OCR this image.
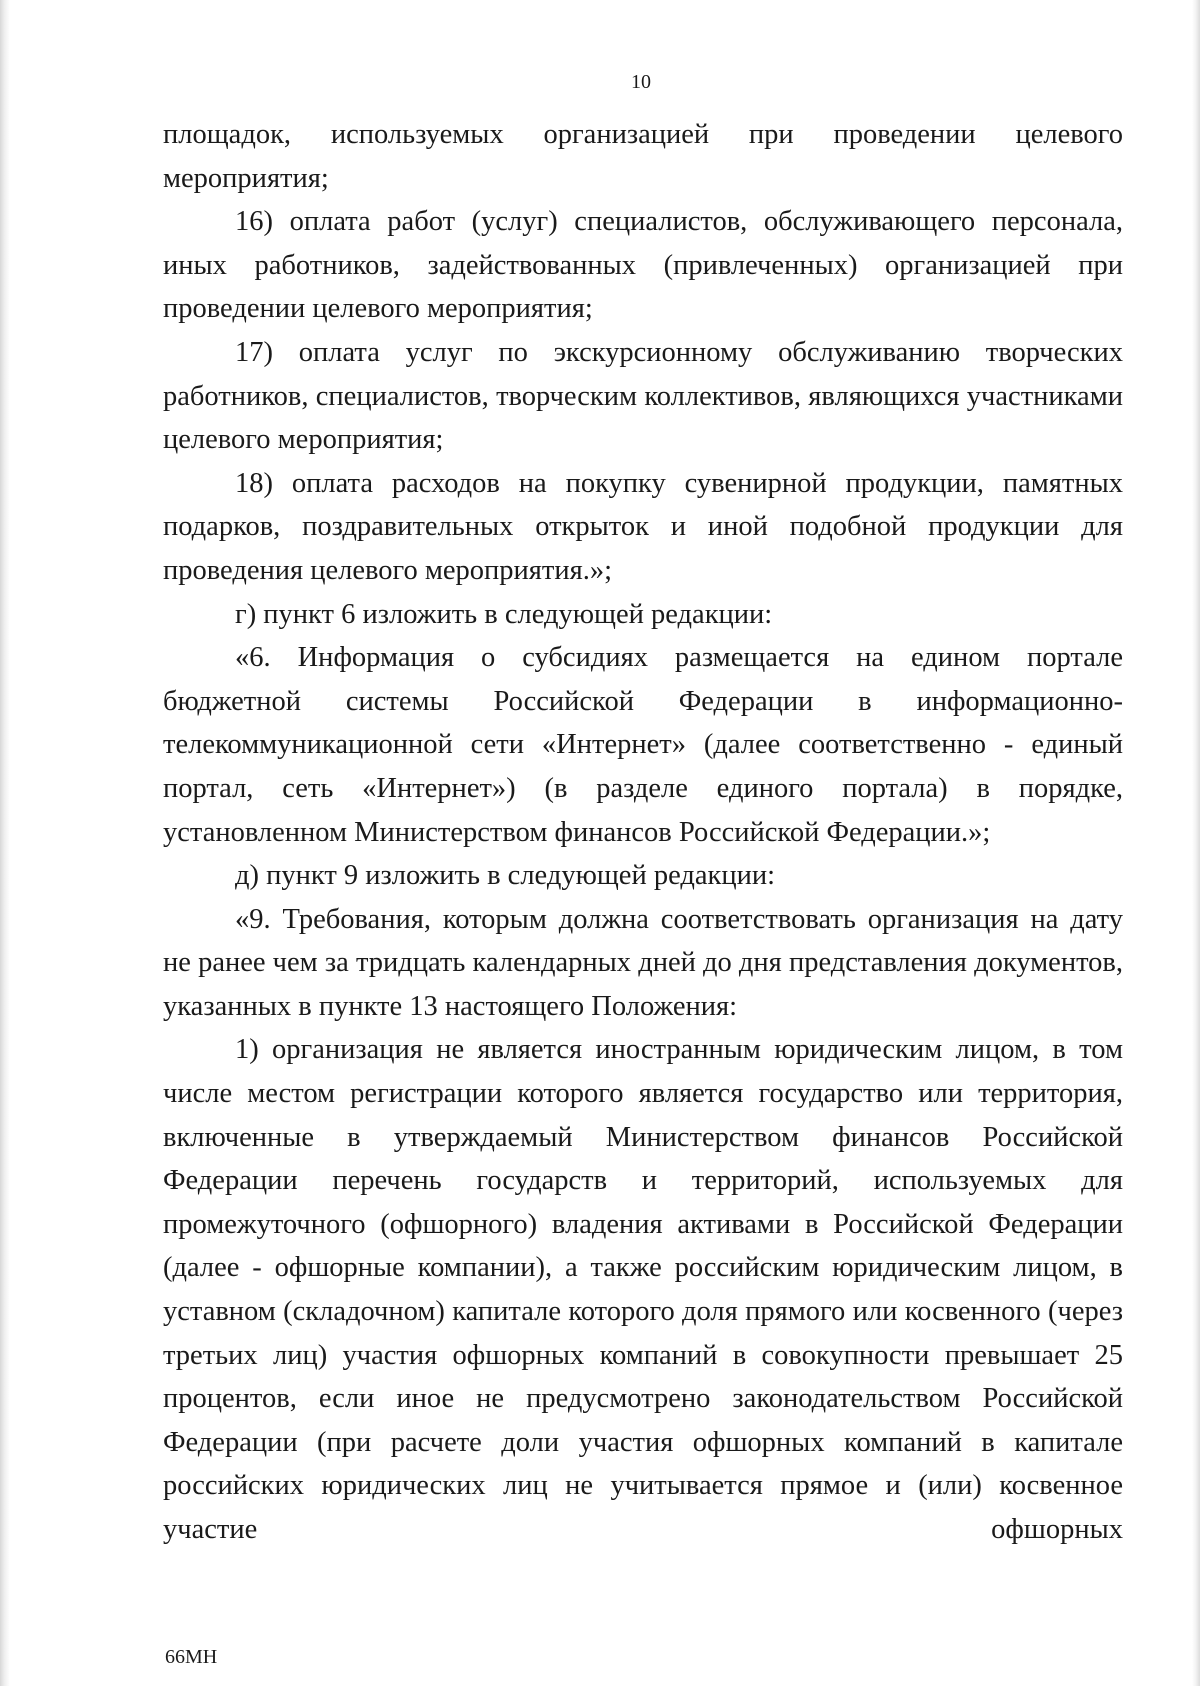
10

площадок, используемых организацией при проведении целевого мероприятия;

16) оплата работ (услуг) специалистов, обслуживающего персонала, иных работников, задействованных (привлеченных) организацией при проведении целевого мероприятия;

17) оплата услуг по экскурсионному обслуживанию творческих работников, специалистов, творческим коллективов, являющихся участниками целевого мероприятия;

18) оплата расходов на покупку сувенирной продукции, памятных подарков, поздравительных открыток и иной подобной продукции для проведения целевого мероприятия.»;

г) пункт 6 изложить в следующей редакции:

«6. Информация о субсидиях размещается на едином портале бюджетной системы Российской Федерации в информационно-телекоммуникационной сети «Интернет» (далее соответственно - единый портал, сеть «Интернет») (в разделе единого портала) в порядке, установленном Министерством финансов Российской Федерации.»;

д) пункт 9 изложить в следующей редакции:

«9. Требования, которым должна соответствовать организация на дату не ранее чем за тридцать календарных дней до дня представления документов, указанных в пункте 13 настоящего Положения:

1) организация не является иностранным юридическим лицом, в том числе местом регистрации которого является государство или территория, включенные в утверждаемый Министерством финансов Российской Федерации перечень государств и территорий, используемых для промежуточного (офшорного) владения активами в Российской Федерации (далее - офшорные компании), а также российским юридическим лицом, в уставном (складочном) капитале которого доля прямого или косвенного (через третьих лиц) участия офшорных компаний в совокупности превышает 25 процентов, если иное не предусмотрено законодательством Российской Федерации (при расчете доли участия офшорных компаний в капитале российских юридических лиц не учитывается прямое и (или) косвенное участие офшорных

66МН
